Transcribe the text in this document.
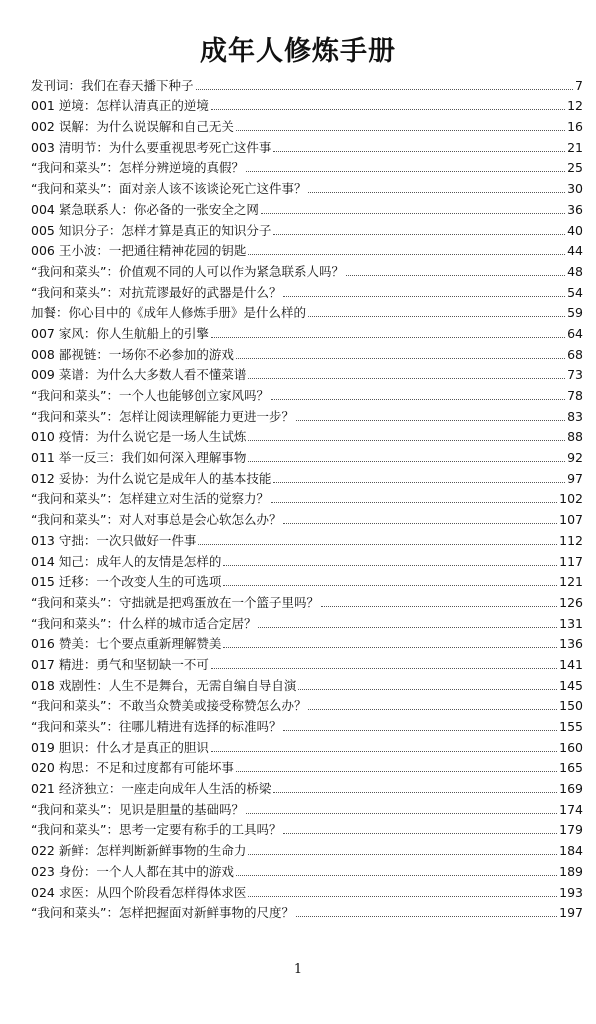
成年人修炼手册
发刊词：我们在春天播下种子	7
001 逆境：怎样认清真正的逆境	12
002 误解：为什么说误解和自己无关	16
003 清明节：为什么要重视思考死亡这件事	21
“我问和菜头”：怎样分辨逆境的真假？	25
“我问和菜头”：面对亲人该不该谈论死亡这件事？	30
004 紧急联系人：你必备的一张安全之网	36
005 知识分子：怎样才算是真正的知识分子	40
006 王小波：一把通往精神花园的钥匙	44
“我问和菜头”：价值观不同的人可以作为紧急联系人吗？	48
“我问和菜头”：对抗荒谬最好的武器是什么？	54
加餐：你心目中的《成年人修炼手册》是什么样的	59
007 家风：你人生航船上的引擎	64
008 鄙视链：一场你不必参加的游戏	68
009 菜谱：为什么大多数人看不懂菜谱	73
“我问和菜头”：一个人也能够创立家风吗？	78
“我问和菜头”：怎样让阅读理解能力更进一步？	83
010 疫情：为什么说它是一场人生试炼	88
011 举一反三：我们如何深入理解事物	92
012 妥协：为什么说它是成年人的基本技能	97
“我问和菜头”：怎样建立对生活的觉察力？	102
“我问和菜头”：对人对事总是会心软怎么办？	107
013 守拙：一次只做好一件事	112
014 知己：成年人的友情是怎样的	117
015 迁移：一个改变人生的可选项	121
“我问和菜头”：守拙就是把鸡蛋放在一个篮子里吗？	126
“我问和菜头”：什么样的城市适合定居？	131
016 赞美：七个要点重新理解赞美	136
017 精进：勇气和坚韧缺一不可	141
018 戏剧性：人生不是舞台，无需自编自导自演	145
“我问和菜头”：不敢当众赞美或接受称赞怎么办？	150
“我问和菜头”：往哪儿精进有选择的标准吗？	155
019 胆识：什么才是真正的胆识	160
020 构思：不足和过度都有可能坏事	165
021 经济独立：一座走向成年人生活的桥梁	169
“我问和菜头”：见识是胆量的基础吗？	174
“我问和菜头”：思考一定要有称手的工具吗？	179
022 新鲜：怎样判断新鲜事物的生命力	184
023 身份：一个人人都在其中的游戏	189
024 求医：从四个阶段看怎样得体求医	193
“我问和菜头”：怎样把握面对新鲜事物的尺度？	197
1
